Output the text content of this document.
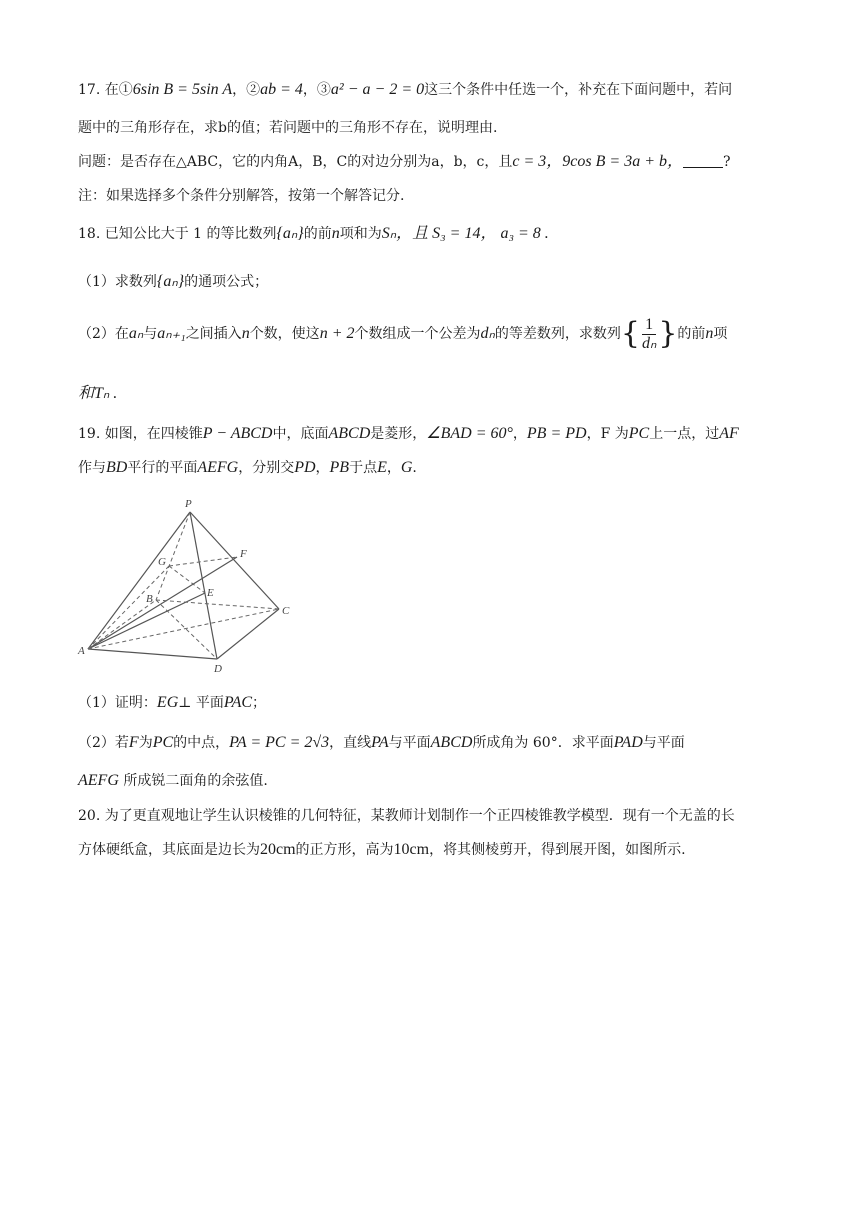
17. 在①6sin B = 5sin A，②ab = 4，③a² − a − 2 = 0这三个条件中任选一个，补充在下面问题中，若问
题中的三角形存在，求b的值；若问题中的三角形不存在，说明理由.
问题：是否存在△ABC，它的内角A，B，C的对边分别为a，b，c，且c = 3，9cos B = 3a + b，	?
注：如果选择多个条件分别解答，按第一个解答记分.
18. 已知公比大于 1 的等比数列{aₙ}的前n项和为Sₙ，且 S₃ = 14， a₃ = 8 .
（1）求数列{aₙ}的通项公式；
（2）在aₙ与aₙ₊₁之间插入n个数，使这n + 2个数组成一个公差为dₙ的等差数列，求数列{ $\frac{1}{\text{dₙ}}$ }的前n项
和Tₙ .
19. 如图，在四棱锥P − ABCD中，底面ABCD是菱形，∠BAD = 60°，PB = PD，F 为PC上一点，过AF
作与BD平行的平面AEFG，分别交PD，PB于点E，G.
P
F
G
B	E
C
A
D
（1）证明：EG⊥ 平面PAC；
（2）若F为PC的中点，PA = PC = 2√3，直线PA与平面ABCD所成角为 60°．求平面PAD与平面
AEFG 所成锐二面角的余弦值.
20. 为了更直观地让学生认识棱锥的几何特征，某教师计划制作一个正四棱锥教学模型．现有一个无盖的长
方体硬纸盒，其底面是边长为20cm的正方形，高为10cm，将其侧棱剪开，得到展开图，如图所示.
